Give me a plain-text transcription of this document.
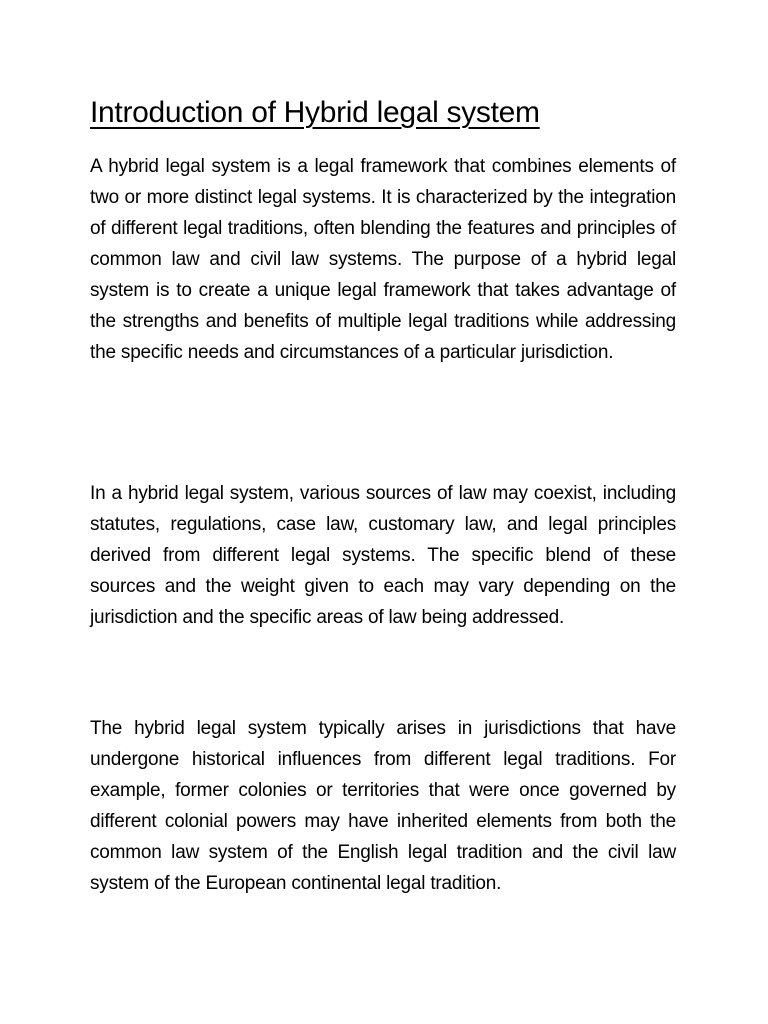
Introduction of Hybrid legal system

A hybrid legal system is a legal framework that combines elements of two or more distinct legal systems. It is characterized by the integration of different legal traditions, often blending the features and principles of common law and civil law systems. The purpose of a hybrid legal system is to create a unique legal framework that takes advantage of the strengths and benefits of multiple legal traditions while addressing the specific needs and circumstances of a particular jurisdiction.

In a hybrid legal system, various sources of law may coexist, including statutes, regulations, case law, customary law, and legal principles derived from different legal systems. The specific blend of these sources and the weight given to each may vary depending on the jurisdiction and the specific areas of law being addressed.

The hybrid legal system typically arises in jurisdictions that have undergone historical influences from different legal traditions. For example, former colonies or territories that were once governed by different colonial powers may have inherited elements from both the common law system of the English legal tradition and the civil law system of the European continental legal tradition.
